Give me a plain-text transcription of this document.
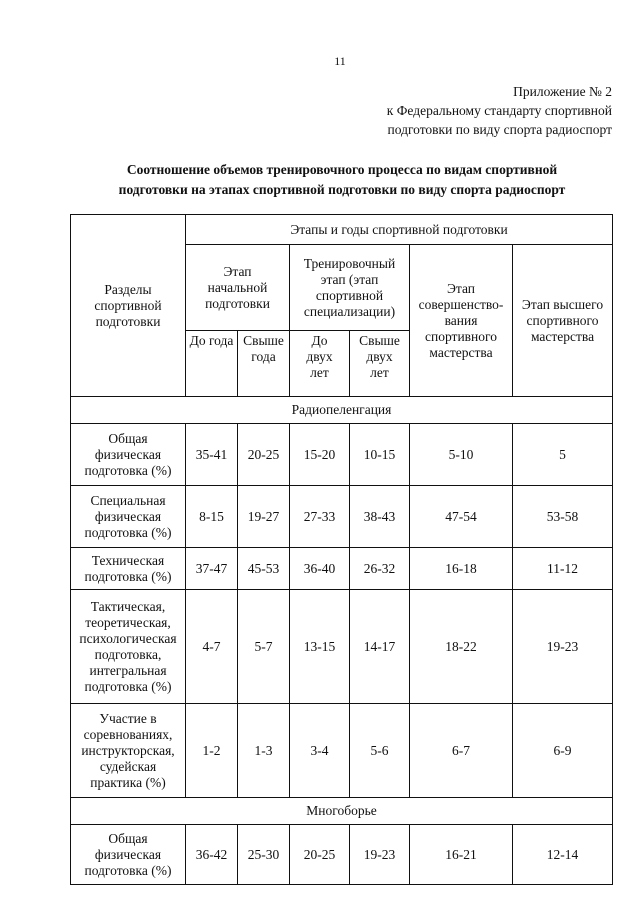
11
Приложение № 2
к Федеральному стандарту спортивной
подготовки по виду спорта радиоспорт
Соотношение объемов тренировочного процесса по видам спортивной
подготовки на этапах спортивной подготовки по виду спорта радиоспорт
Разделы спортивной подготовки	Этапы и годы спортивной подготовки					
	Этап начальной подготовки		Тренировочный этап (этап спортивной специализации)		Этап совершенство-вания спортивного мастерства	Этап высшего спортивного мастерства
	До года	Свыше года	До двух лет	Свыше двух лет		
Радиопеленгация						
Общая физическая подготовка (%)	35-41	20-25	15-20	10-15	5-10	5
Специальная физическая подготовка (%)	8-15	19-27	27-33	38-43	47-54	53-58
Техническая подготовка (%)	37-47	45-53	36-40	26-32	16-18	11-12
Тактическая, теоретическая, психологическая подготовка, интегральная подготовка (%)	4-7	5-7	13-15	14-17	18-22	19-23
Участие в соревнованиях, инструкторская, судейская практика (%)	1-2	1-3	3-4	5-6	6-7	6-9
Многоборье						
Общая физическая подготовка (%)	36-42	25-30	20-25	19-23	16-21	12-14
